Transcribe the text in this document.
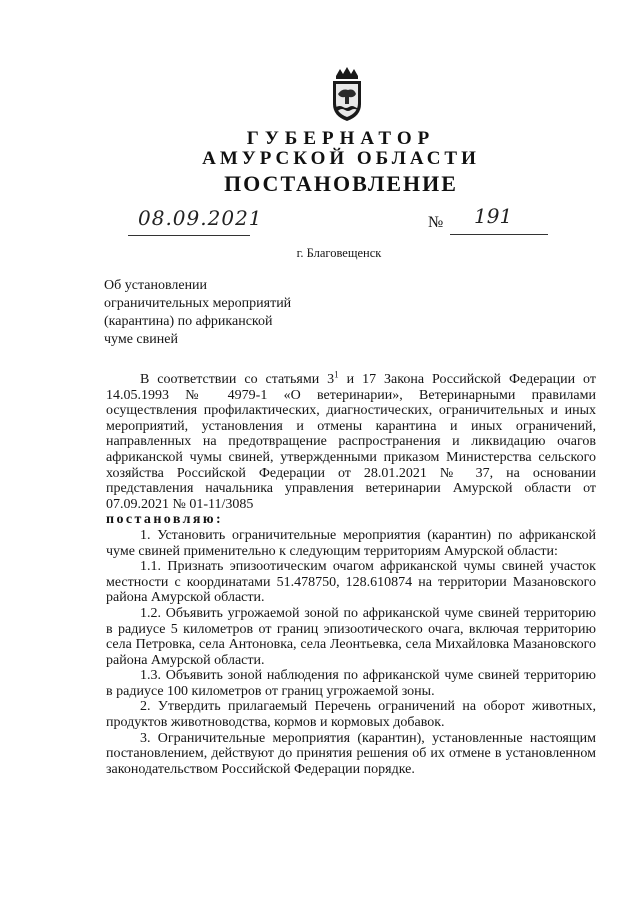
ГУБЕРНАТОР
АМУРСКОЙ ОБЛАСТИ
ПОСТАНОВЛЕНИЕ
08.09.2021	№ 191
г. Благовещенск
Об установлении
ограничительных мероприятий
(карантина) по африканской
чуме свиней

В соответствии со статьями $3^1$ и 17 Закона Российской Федерации от 14.05.1993 № 4979-1 «О ветеринарии», Ветеринарными правилами осуществления профилактических, диагностических, ограничительных и иных мероприятий, установления и отмены карантина и иных ограничений, направленных на предотвращение распространения и ликвидацию очагов африканской чумы свиней, утвержденными приказом Министерства сельского хозяйства Российской Федерации от 28.01.2021 № 37, на основании представления начальника управления ветеринарии Амурской области от 07.09.2021 № 01-11/3085

постановляю:

1. Установить ограничительные мероприятия (карантин) по африканской чуме свиней применительно к следующим территориям Амурской области:

1.1. Признать эпизоотическим очагом африканской чумы свиней участок местности с координатами 51.478750, 128.610874 на территории Мазановского района Амурской области.

1.2. Объявить угрожаемой зоной по африканской чуме свиней территорию в радиусе 5 километров от границ эпизоотического очага, включая территорию села Петровка, села Антоновка, села Леонтьевка, села Михайловка Мазановского района Амурской области.

1.3. Объявить зоной наблюдения по африканской чуме свиней территорию в радиусе 100 километров от границ угрожаемой зоны.

2. Утвердить прилагаемый Перечень ограничений на оборот животных, продуктов животноводства, кормов и кормовых добавок.

3. Ограничительные мероприятия (карантин), установленные настоящим постановлением, действуют до принятия решения об их отмене в установленном законодательством Российской Федерации порядке.
